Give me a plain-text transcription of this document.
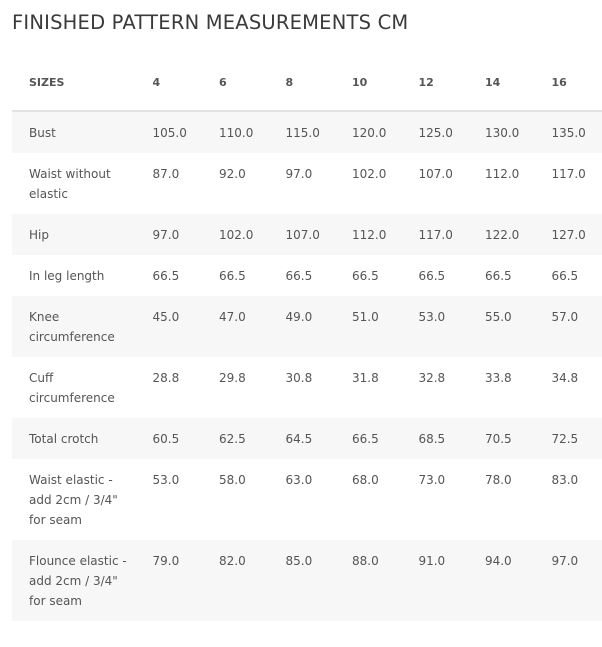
FINISHED PATTERN MEASUREMENTS CM
SIZES	4	6	8	10	12	14	16
Bust	105.0	110.0	115.0	120.0	125.0	130.0	135.0
Waist without elastic	87.0	92.0	97.0	102.0	107.0	112.0	117.0
Hip	97.0	102.0	107.0	112.0	117.0	122.0	127.0
In leg length	66.5	66.5	66.5	66.5	66.5	66.5	66.5
Knee circumference	45.0	47.0	49.0	51.0	53.0	55.0	57.0
Cuff circumference	28.8	29.8	30.8	31.8	32.8	33.8	34.8
Total crotch	60.5	62.5	64.5	66.5	68.5	70.5	72.5
Waist elastic - add 2cm / 3/4" for seam	53.0	58.0	63.0	68.0	73.0	78.0	83.0
Flounce elastic - add 2cm / 3/4" for seam	79.0	82.0	85.0	88.0	91.0	94.0	97.0
